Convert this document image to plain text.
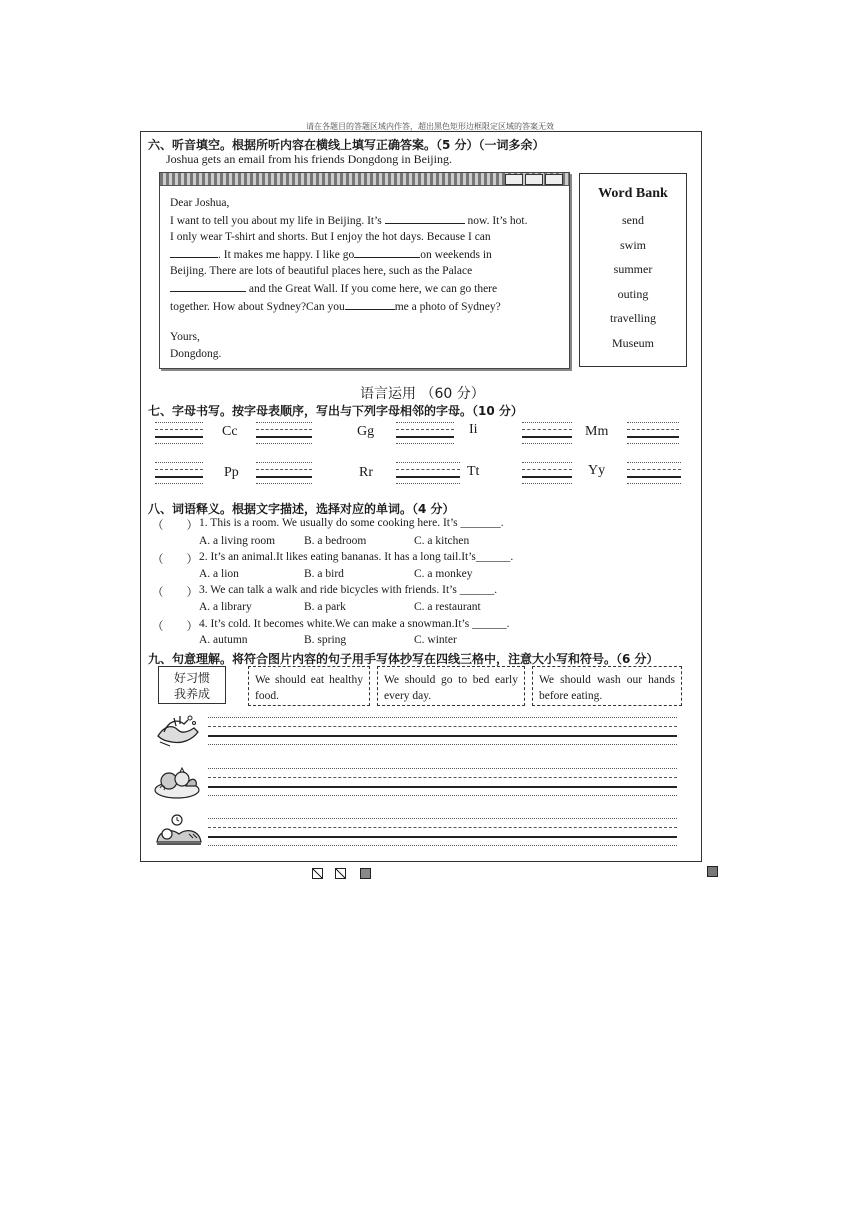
请在各题目的答题区域内作答，超出黑色矩形边框限定区域的答案无效
六、听音填空。根据所听内容在横线上填写正确答案。（5 分）（一词多余）
Joshua gets an email from his friends Dongdong in Beijing.
Dear Joshua,
I want to tell you about my life in Beijing. It’s	now. It’s hot.
I only wear T-shirt and shorts. But I enjoy the hot days. Because I can
. It makes me happy. I like go	on weekends in
Beijing. There are lots of beautiful places here, such as the Palace
and the Great Wall. If you come here, we can go there
together. How about Sydney?Can you	me a photo of Sydney?
Yours,
Dongdong.
Word Bank
send
swim
summer
outing
travelling
Museum
语言运用 （60 分）
七、字母书写。按字母表顺序，写出与下列字母相邻的字母。（10 分）
Cc	Gg	Ii	Mm
Pp	Rr	Tt	Yy
八、词语释义。根据文字描述，选择对应的单词。（4 分）
（　　） 1. This is a room. We usually do some cooking here. It’s _______.
A. a living room	B. a bedroom	C. a kitchen
（　　） 2. It’s an animal.It likes eating bananas. It has a long tail.It’s______.
A. a lion	B. a bird	C. a monkey
（　　） 3. We can talk a walk and ride bicycles with friends. It’s ______.
A. a library	B. a park	C. a restaurant
（　　） 4. It’s cold. It becomes white.We can make a snowman.It’s ______.
A. autumn	B. spring	C. winter
九、句意理解。将符合图片内容的句子用手写体抄写在四线三格中，注意大小写和符号。（6 分）
好习惯
我养成
We should eat healthy food.
We should go to bed early every day.
We should wash our hands before eating.
